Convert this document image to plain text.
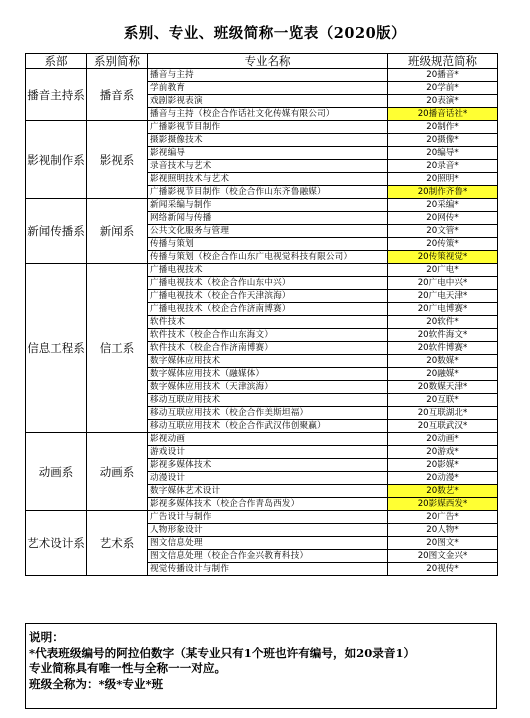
系别、专业、班级简称一览表（2020版）
系部	系别简称	专业名称	班级规范简称
播音主持系	播音系	播音与主持	20播音*
		学前教育	20学前*
		戏剧影视表演	20表演*
		播音与主持（校企合作话社文化传媒有限公司）	20播音话社*
影视制作系	影视系	广播影视节目制作	20制作*
		摄影摄像技术	20摄像*
		影视编导	20编导*
		录音技术与艺术	20录音*
		影视照明技术与艺术	20照明*
		广播影视节目制作（校企合作山东齐鲁融媒）	20制作齐鲁*
新闻传播系	新闻系	新闻采编与制作	20采编*
		网络新闻与传播	20网传*
		公共文化服务与管理	20文管*
		传播与策划	20传策*
		传播与策划（校企合作山东广电视觉科技有限公司）	20传策视觉*
信息工程系	信工系	广播电视技术	20广电*
		广播电视技术（校企合作山东中兴）	20广电中兴*
		广播电视技术（校企合作天津滨海）	20广电天津*
		广播电视技术（校企合作济南博赛）	20广电博赛*
		软件技术	20软件*
		软件技术（校企合作山东海文）	20软件海文*
		软件技术（校企合作济南博赛）	20软件博赛*
		数字媒体应用技术	20数媒*
		数字媒体应用技术（融媒体）	20融媒*
		数字媒体应用技术（天津滨海）	20数媒天津*
		移动互联应用技术	20互联*
		移动互联应用技术（校企合作美斯坦福）	20互联湖北*
		移动互联应用技术（校企合作武汉伟创聚赢）	20互联武汉*
动画系	动画系	影视动画	20动画*
		游戏设计	20游戏*
		影视多媒体技术	20影媒*
		动漫设计	20动漫*
		数字媒体艺术设计	20数艺*
		影视多媒体技术（校企合作青岛西发）	20影媒西发*
艺术设计系	艺术系	广告设计与制作	20广告*
		人物形象设计	20人物*
		图文信息处理	20图文*
		图文信息处理（校企合作金兴教育科技）	20图文金兴*
		视觉传播设计与制作	20视传*
说明：
*代表班级编号的阿拉伯数字（某专业只有1个班也许有编号，如20录音1）
专业简称具有唯一性与全称一一对应。
班级全称为：*级*专业*班
